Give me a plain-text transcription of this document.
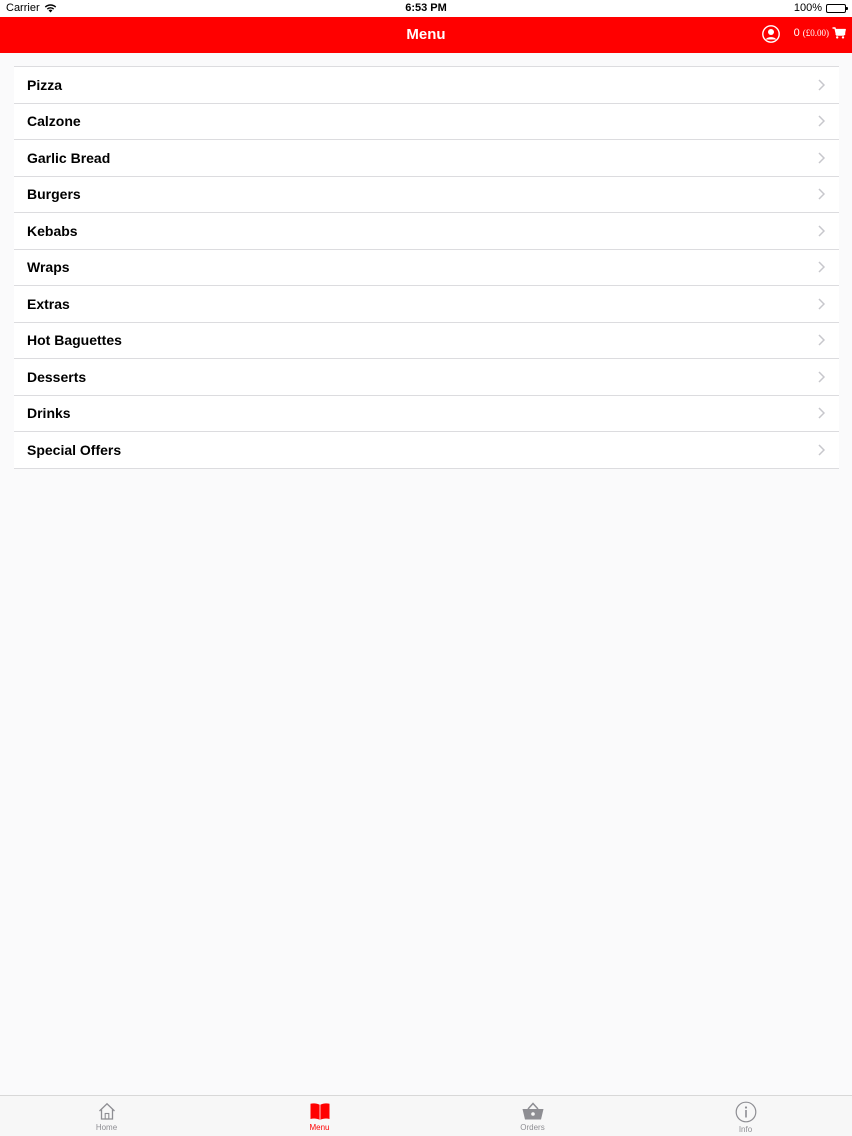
Carrier	6:53 PM	100%
Menu	0 (£0.00)
Pizza
Calzone
Garlic Bread
Burgers
Kebabs
Wraps
Extras
Hot Baguettes
Desserts
Drinks
Special Offers
Home	Menu	Orders	Info
